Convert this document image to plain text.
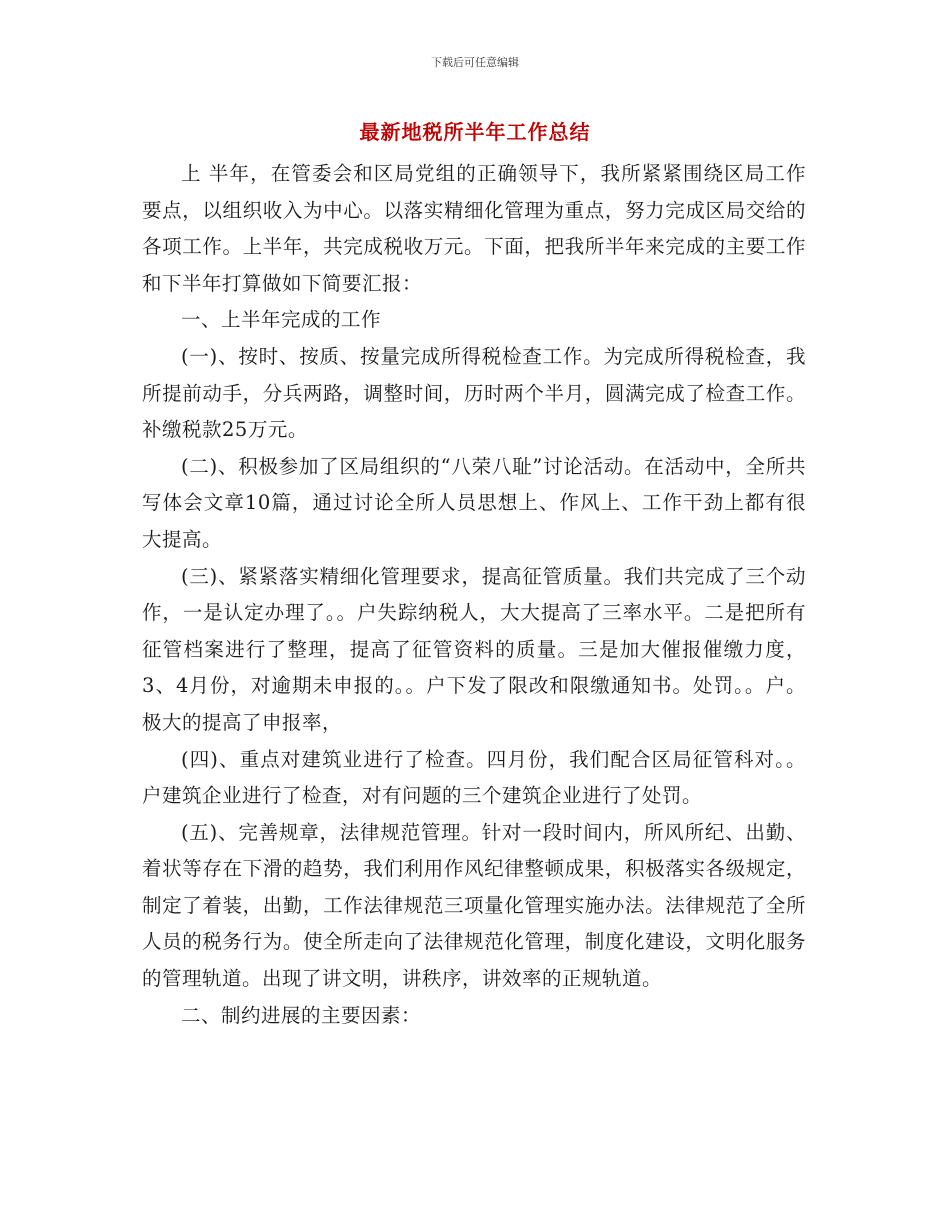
下载后可任意编辑
最新地税所半年工作总结

上 半年，在管委会和区局党组的正确领导下，我所紧紧围绕区局工作要点，以组织收入为中心。以落实精细化管理为重点，努力完成区局交给的各项工作。上半年，共完成税收万元。下面，把我所半年来完成的主要工作和下半年打算做如下简要汇报：

一、上半年完成的工作

(一)、按时、按质、按量完成所得税检查工作。为完成所得税检查，我所提前动手，分兵两路，调整时间，历时两个半月，圆满完成了检查工作。补缴税款25万元。

(二)、积极参加了区局组织的“八荣八耻”讨论活动。在活动中，全所共写体会文章10篇，通过讨论全所人员思想上、作风上、工作干劲上都有很大提高。

(三)、紧紧落实精细化管理要求，提高征管质量。我们共完成了三个动作，一是认定办理了。。户失踪纳税人，大大提高了三率水平。二是把所有征管档案进行了整理，提高了征管资料的质量。三是加大催报催缴力度，3、4月份，对逾期未申报的。。户下发了限改和限缴通知书。处罚。。户。极大的提高了申报率，

(四)、重点对建筑业进行了检查。四月份，我们配合区局征管科对。。户建筑企业进行了检查，对有问题的三个建筑企业进行了处罚。

(五)、完善规章，法律规范管理。针对一段时间内，所风所纪、出勤、着状等存在下滑的趋势，我们利用作风纪律整顿成果，积极落实各级规定，制定了着装，出勤，工作法律规范三项量化管理实施办法。法律规范了全所人员的税务行为。使全所走向了法律规范化管理，制度化建设，文明化服务的管理轨道。出现了讲文明，讲秩序，讲效率的正规轨道。

二、制约进展的主要因素：
